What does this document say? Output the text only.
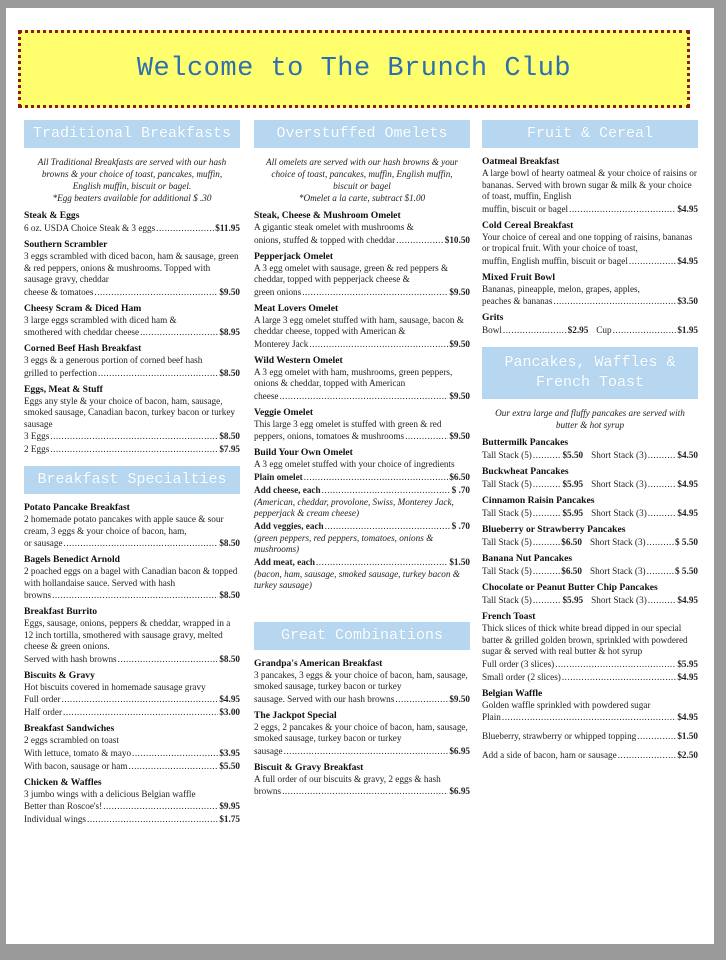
Welcome to The Brunch Club
Traditional Breakfasts
All Traditional Breakfasts are served with our hash browns & your choice of toast, pancakes, muffin, English muffin, biscuit or bagel.
*Egg beaters available for additional $ .30
Steak & Eggs
6 oz. USDA Choice Steak & 3 eggs .....	$11.95
Southern Scrambler
3 eggs scrambled with diced bacon, ham & sausage, green & red peppers, onions & mushrooms. Topped with sausage gravy, cheddar
cheese & tomatoes .....	$9.50
Cheesy Scram & Diced Ham
3 large eggs scrambled with diced ham &
smothered with cheddar cheese .....	$8.95
Corned Beef Hash Breakfast
3 eggs & a generous portion of corned beef hash
grilled to perfection .....	$8.50
Eggs, Meat & Stuff
Eggs any style & your choice of bacon, ham, sausage, smoked sausage, Canadian bacon, turkey bacon or turkey sausage
3 Eggs .....	$8.50
2 Eggs .....	$7.95
Breakfast Specialties
Potato Pancake Breakfast
2 homemade potato pancakes with apple sauce & sour cream, 3 eggs & your choice of bacon, ham,
or sausage .....	$8.50
Bagels Benedict Arnold
2 poached eggs on a bagel with Canadian bacon & topped with hollandaise sauce. Served with hash
browns .....	$8.50
Breakfast Burrito
Eggs, sausage, onions, peppers & cheddar, wrapped in a 12 inch tortilla, smothered with sausage gravy, melted cheese & green onions.
Served with hash browns .....	$8.50
Biscuits & Gravy
Hot biscuits covered in homemade sausage gravy
Full order .....	$4.95
Half order .....	$3.00
Breakfast Sandwiches
2 eggs scrambled on toast
With lettuce, tomato & mayo .....	$3.95
With bacon, sausage or ham .....	$5.50
Chicken & Waffles
3 jumbo wings with a delicious Belgian waffle
Better than Roscoe's! .....	$9.95
Individual wings .....	$1.75
Overstuffed Omelets
All omelets are served with our hash browns & your choice of toast, pancakes, muffin, English muffin, biscuit or bagel
*Omelet a la carte, subtract $1.00
Steak, Cheese & Mushroom Omelet
A gigantic steak omelet with mushrooms &
onions, stuffed & topped with cheddar .....	$10.50
Pepperjack Omelet
A 3 egg omelet with sausage, green & red peppers & cheddar, topped with pepperjack cheese &
green onions .....	$9.50
Meat Lovers Omelet
A large 3 egg omelet stuffed with ham, sausage, bacon & cheddar cheese, topped with American &
Monterey Jack .....	$9.50
Wild Western Omelet
A 3 egg omelet with ham, mushrooms, green peppers, onions & cheddar, topped with American
cheese .....	$9.50
Veggie Omelet
This large 3 egg omelet is stuffed with green & red
peppers, onions, tomatoes & mushrooms .....	$9.50
Build Your Own Omelet
A 3 egg omelet stuffed with your choice of ingredients
Plain omelet .....	$6.50
Add cheese, each .....	$ .70
(American, cheddar, provolone, Swiss, Monterey Jack, pepperjack & cream cheese)
Add veggies, each .....	$ .70
(green peppers, red peppers, tomatoes, onions & mushrooms)
Add meat, each .....	$1.50
(bacon, ham, sausage, smoked sausage, turkey bacon & turkey sausage)
Great Combinations
Grandpa's American Breakfast
3 pancakes, 3 eggs & your choice of bacon, ham, sausage, smoked sausage, turkey bacon or turkey
sausage. Served with our hash browns .....	$9.50
The Jackpot Special
2 eggs, 2 pancakes & your choice of bacon, ham, sausage, smoked sausage, turkey bacon or turkey
sausage .....	$6.95
Biscuit & Gravy Breakfast
A full order of our biscuits & gravy, 2 eggs & hash
browns .....	$6.95
Fruit & Cereal
Oatmeal Breakfast
A large bowl of hearty oatmeal & your choice of raisins or bananas. Served with brown sugar & milk & your choice of toast, muffin, English
muffin, biscuit or bagel .....	$4.95
Cold Cereal Breakfast
Your choice of cereal and one topping of raisins, bananas or tropical fruit. With your choice of toast,
muffin, English muffin, biscuit or bagel .....	$4.95
Mixed Fruit Bowl
Bananas, pineapple, melon, grapes, apples,
peaches & bananas .....	$3.50
Grits
Bowl .....	$2.95 Cup .....	$1.95
Pancakes, Waffles & French Toast
Our extra large and fluffy pancakes are served with butter & hot syrup
Buttermilk Pancakes
Tall Stack (5) .....	$5.50 Short Stack (3) .....	$4.50
Buckwheat Pancakes
Tall Stack (5) .....	$5.95 Short Stack (3) .....	$4.95
Cinnamon Raisin Pancakes
Tall Stack (5) .....	$5.95 Short Stack (3) .....	$4.95
Blueberry or Strawberry Pancakes
Tall Stack (5) .....	$6.50 Short Stack (3) .....	$ 5.50
Banana Nut Pancakes
Tall Stack (5) .....	$6.50 Short Stack (3) .....	$ 5.50
Chocolate or Peanut Butter Chip Pancakes
Tall Stack (5) .....	$5.95 Short Stack (3) .....	$4.95
French Toast
Thick slices of thick white bread dipped in our special batter & grilled golden brown, sprinkled with powdered sugar & served with real butter & hot syrup
Full order (3 slices) .....	$5.95
Small order (2 slices) .....	$4.95
Belgian Waffle
Golden waffle sprinkled with powdered sugar
Plain .....	$4.95
Blueberry, strawberry or whipped topping .....	$1.50
Add a side of bacon, ham or sausage .....	$2.50
